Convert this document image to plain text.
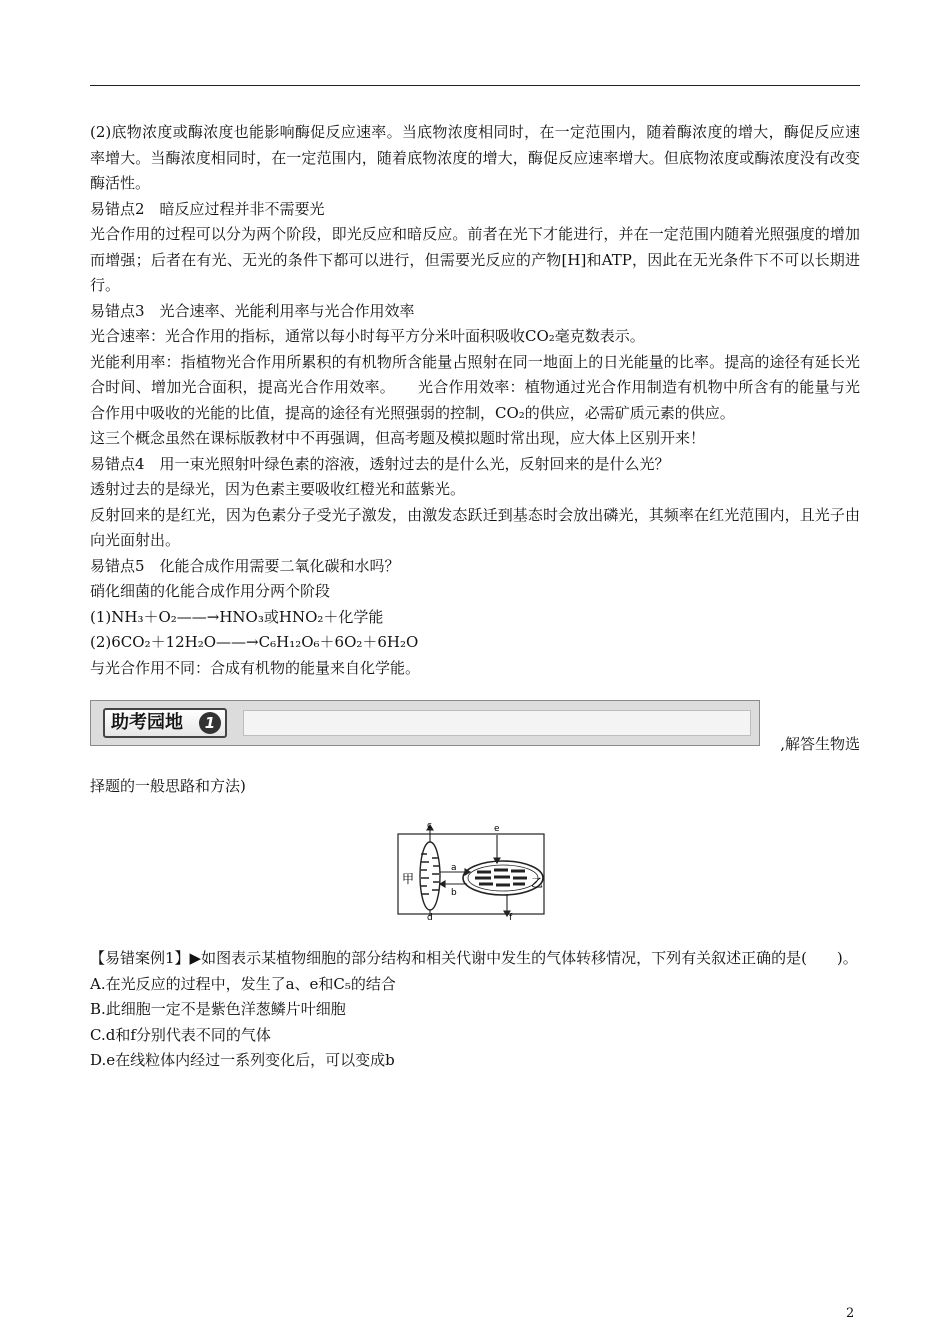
(2)底物浓度或酶浓度也能影响酶促反应速率。当底物浓度相同时，在一定范围内，随着酶浓度的增大，酶促反应速率增大。当酶浓度相同时，在一定范围内，随着底物浓度的增大，酶促反应速率增大。但底物浓度或酶浓度没有改变酶活性。

易错点2　暗反应过程并非不需要光

光合作用的过程可以分为两个阶段，即光反应和暗反应。前者在光下才能进行，并在一定范围内随着光照强度的增加而增强；后者在有光、无光的条件下都可以进行，但需要光反应的产物[H]和ATP，因此在无光条件下不可以长期进行。

易错点3　光合速率、光能利用率与光合作用效率

光合速率：光合作用的指标，通常以每小时每平方分米叶面积吸收CO₂毫克数表示。

光能利用率：指植物光合作用所累积的有机物所含能量占照射在同一地面上的日光能量的比率。提高的途径有延长光合时间、增加光合面积，提高光合作用效率。　　光合作用效率：植物通过光合作用制造有机物中所含有的能量与光合作用中吸收的光能的比值，提高的途径有光照强弱的控制，CO₂的供应，必需矿质元素的供应。

这三个概念虽然在课标版教材中不再强调，但高考题及模拟题时常出现，应大体上区别开来！

易错点4　用一束光照射叶绿色素的溶液，透射过去的是什么光，反射回来的是什么光？

透射过去的是绿光，因为色素主要吸收红橙光和蓝紫光。

反射回来的是红光，因为色素分子受光子激发，由激发态跃迁到基态时会放出磷光，其频率在红光范围内，且光子由向光面射出。

易错点5　化能合成作用需要二氧化碳和水吗？

硝化细菌的化能合成作用分两个阶段

(1)NH₃＋O₂——→HNO₃或HNO₂＋化学能

(2)6CO₂＋12H₂O——→C₆H₁₂O₆＋6O₂＋6H₂O

与光合作用不同：合成有机物的能量来自化学能。

助考园地	1
,解答生物选
择题的一般思路和方法)
c
d
e
f
a
b
甲	乙

【易错案例1】▶如图表示某植物细胞的部分结构和相关代谢中发生的气体转移情况，下列有关叙述正确的是(　　)。

A.在光反应的过程中，发生了a、e和C₅的结合

B.此细胞一定不是紫色洋葱鳞片叶细胞

C.d和f分别代表不同的气体

D.e在线粒体内经过一系列变化后，可以变成b

2
